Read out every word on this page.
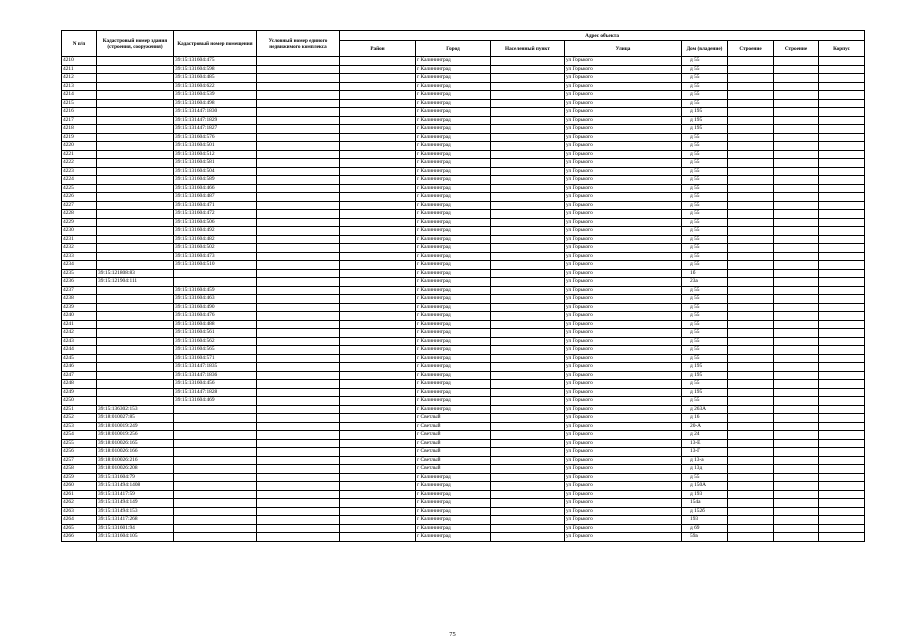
N п/п	Кадастровый номер здания (строения, сооружения)	Кадастровый номер помещения	Условный номер единого недвижимого комплекса	Адрес объекта							
				Район	Город	Населенный пункт	Улица	Дом (владение)	Строение	Строение	Корпус
4210		39:15:131604:475			г Калининград		ул Горького	д 55			
4211		39:15:131604:598			г Калининград		ул Горького	д 55			
4212		39:15:131604:485			г Калининград		ул Горького	д 55			
4213		39:15:131604:622			г Калининград		ул Горького	д 55			
4214		39:15:131604:539			г Калининград		ул Горького	д 55			
4215		39:15:131604:498			г Калининград		ул Горького	д 55			
4216		39:15:131447:1830			г Калининград		ул Горького	д 195			
4217		39:15:131447:1829			г Калининград		ул Горького	д 195			
4218		39:15:131447:1827			г Калининград		ул Горького	д 195			
4219		39:15:131604:576			г Калининград		ул Горького	д 55			
4220		39:15:131604:501			г Калининград		ул Горького	д 55			
4221		39:15:131604:512			г Калининград		ул Горького	д 55			
4222		39:15:131604:581			г Калининград		ул Горького	д 55			
4223		39:15:131604:504			г Калининград		ул Горького	д 55			
4224		39:15:131604:589			г Калининград		ул Горького	д 55			
4225		39:15:131604:466			г Калининград		ул Горького	д 55			
4226		39:15:131604:487			г Калининград		ул Горького	д 55			
4227		39:15:131604:471			г Калининград		ул Горького	д 55			
4228		39:15:131604:472			г Калининград		ул Горького	д 55			
4229		39:15:131604:506			г Калининград		ул Горького	д 55			
4230		39:15:131604:492			г Калининград		ул Горького	д 55			
4231		39:15:131604:482			г Калининград		ул Горького	д 55			
4232		39:15:131604:502			г Калининград		ул Горького	д 55			
4233		39:15:131604:473			г Калининград		ул Горького	д 55			
4234		39:15:131604:510			г Калининград		ул Горького	д 55			
4235	39:15:121808:83				г Калининград		ул Горького	1б			
4236	39:15:121904:111				г Калининград		ул Горького	23а			
4237		39:15:131604:459			г Калининград		ул Горького	д 55			
4238		39:15:131604:463			г Калининград		ул Горького	д 55			
4239		39:15:131604:490			г Калининград		ул Горького	д 55			
4240		39:15:131604:476			г Калининград		ул Горького	д 55			
4241		39:15:131604:488			г Калининград		ул Горького	д 55			
4242		39:15:131604:561			г Калининград		ул Горького	д 55			
4243		39:15:131604:562			г Калининград		ул Горького	д 55			
4244		39:15:131604:565			г Калининград		ул Горького	д 55			
4245		39:15:131604:571			г Калининград		ул Горького	д 55			
4246		39:15:131447:1835			г Калининград		ул Горького	д 195			
4247		39:15:131447:1836			г Калининград		ул Горького	д 195			
4248		39:15:131604:456			г Калининград		ул Горького	д 55			
4249		39:15:131447:1828			г Калининград		ул Горького	д 195			
4250		39:15:131604:469			г Калининград		ул Горького	д 55			
4251	39:15:136302:153				г Калининград		ул Горького	д 263А			
4252	39:18:010027:85				г Светлый		ул Горького	д 16			
4253	39:18:010019:249				г Светлый		ул Горького	20-А			
4254	39:18:010019:256				г Светлый		ул Горького	д 24			
4255	39:18:010026:165				г Светлый		ул Горького	13-Е			
4256	39:18:010026:166				г Светлый		ул Горького	13-Г			
4257	39:18:010026:216				г Светлый		ул Горького	д 13-а			
4258	39:18:010026:208				г Светлый		ул Горького	д 13д			
4259	39:15:131604:79				г Калининград		ул Горького	д 55			
4260	39:15:131494:1408				г Калининград		ул Горького	д 150А			
4261	39:15:131417:59				г Калининград		ул Горького	д 193			
4262	39:15:131494:149				г Калининград		ул Горького	154а			
4263	39:15:131494:153				г Калининград		ул Горького	д 152б			
4264	39:15:131417:268				г Калининград		ул Горького	193			
4265	39:15:131601:94				г Калининград		ул Горького	д 69			
4266	39:15:131604:105				г Калининград		ул Горького	59а			
75
